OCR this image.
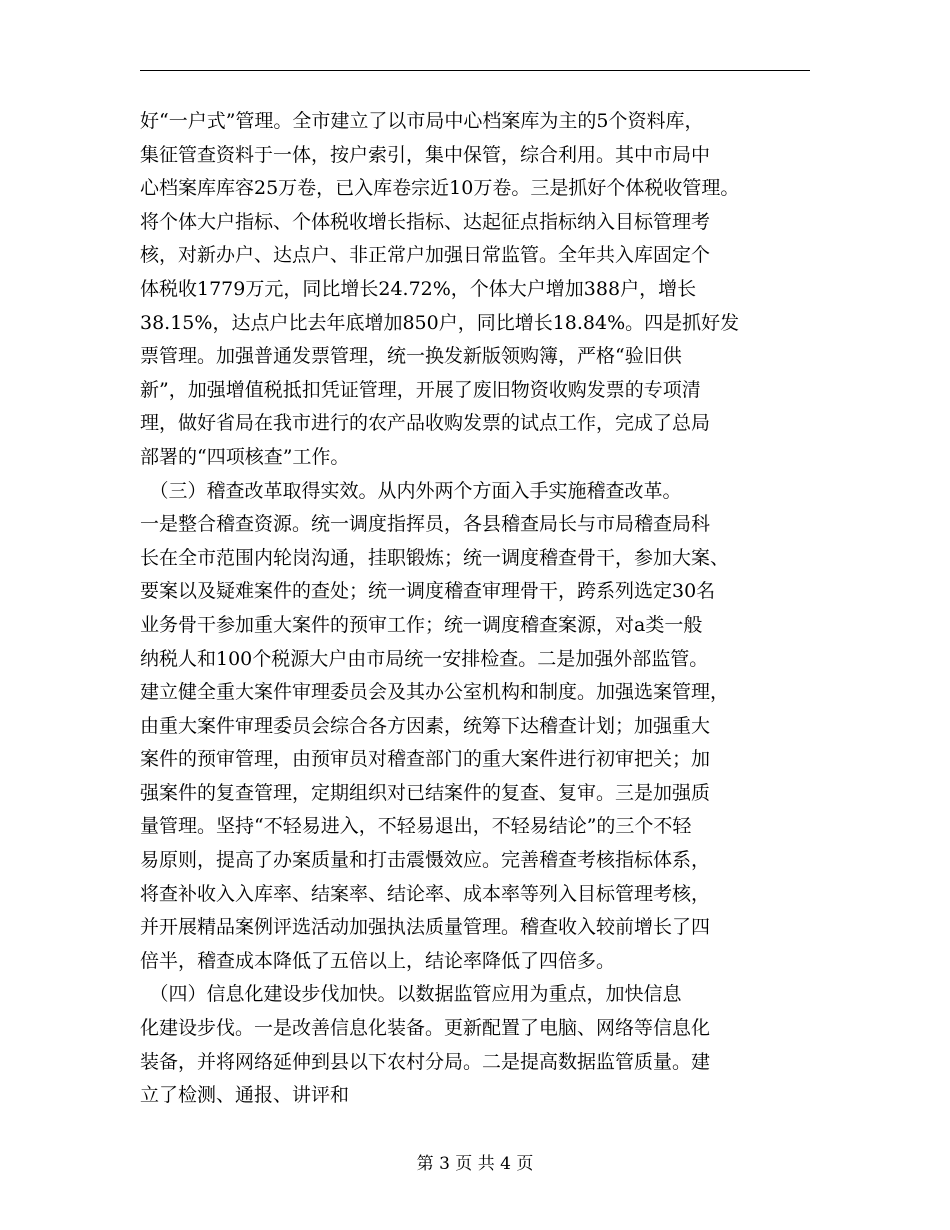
好“一户式”管理。全市建立了以市局中心档案库为主的5个资料库，
集征管查资料于一体，按户索引，集中保管，综合利用。其中市局中
心档案库库容25万卷，已入库卷宗近10万卷。三是抓好个体税收管理。
将个体大户指标、个体税收增长指标、达起征点指标纳入目标管理考
核，对新办户、达点户、非正常户加强日常监管。全年共入库固定个
体税收1779万元，同比增长24.72%，个体大户增加388户，增长
38.15%，达点户比去年底增加850户，同比增长18.84%。四是抓好发
票管理。加强普通发票管理，统一换发新版领购簿，严格“验旧供
新”，加强增值税抵扣凭证管理，开展了废旧物资收购发票的专项清
理，做好省局在我市进行的农产品收购发票的试点工作，完成了总局
部署的“四项核查”工作。
　（三）稽查改革取得实效。从内外两个方面入手实施稽查改革。
一是整合稽查资源。统一调度指挥员，各县稽查局长与市局稽查局科
长在全市范围内轮岗沟通，挂职锻炼；统一调度稽查骨干，参加大案、
要案以及疑难案件的查处；统一调度稽查审理骨干，跨系列选定30名
业务骨干参加重大案件的预审工作；统一调度稽查案源，对a类一般
纳税人和100个税源大户由市局统一安排检查。二是加强外部监管。
建立健全重大案件审理委员会及其办公室机构和制度。加强选案管理，
由重大案件审理委员会综合各方因素，统筹下达稽查计划；加强重大
案件的预审管理，由预审员对稽查部门的重大案件进行初审把关；加
强案件的复查管理，定期组织对已结案件的复查、复审。三是加强质
量管理。坚持“不轻易进入，不轻易退出，不轻易结论”的三个不轻
易原则，提高了办案质量和打击震慑效应。完善稽查考核指标体系，
将查补收入入库率、结案率、结论率、成本率等列入目标管理考核，
并开展精品案例评选活动加强执法质量管理。稽查收入较前增长了四
倍半，稽查成本降低了五倍以上，结论率降低了四倍多。
　（四）信息化建设步伐加快。以数据监管应用为重点，加快信息
化建设步伐。一是改善信息化装备。更新配置了电脑、网络等信息化
装备，并将网络延伸到县以下农村分局。二是提高数据监管质量。建
立了检测、通报、讲评和
第 3 页 共 4 页
